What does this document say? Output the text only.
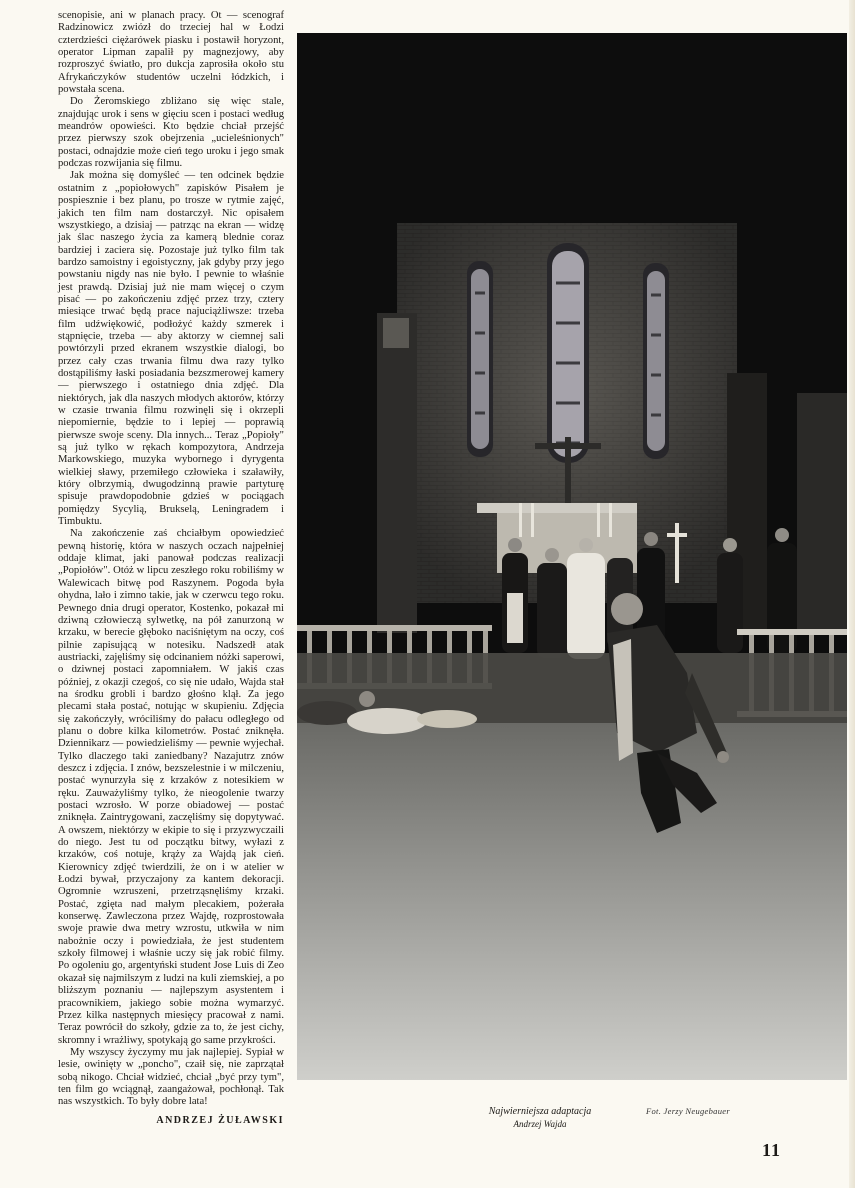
scenopisie, ani w planach pracy. Ot — scenograf Radzinowicz zwiózł do trzeciej hal w Łodzi czterdzieści ciężarówek piasku i postawił horyzont, operator Lipman zapalił py magnezjowy, aby rozproszyć światło, pro dukcja zaprosiła około stu Afrykańczyków studentów uczelni łódzkich, i powstała scena.

Do Żeromskiego zbliżano się więc stale, znajdując urok i sens w gięciu scen i postaci według meandrów opowieści. Kto będzie chciał przejść przez pierwszy szok obejrzenia „ucieleśnionych" postaci, odnajdzie może cień tego uroku i jego smak podczas rozwijania się filmu.

Jak można się domyśleć — ten odcinek będzie ostatnim z „popiołowych" zapisków Pisałem je pospiesznie i bez planu, po trosze w rytmie zajęć, jakich ten film nam dostarczył. Nic opisałem wszystkiego, a dzisiaj — patrząc na ekran — widzę jak ślac naszego życia za kamerą blednie coraz bardziej i zaciera się. Pozostaje już tylko film tak bardzo samoistny i egoistyczny, jak gdyby przy jego powstaniu nigdy nas nie było. I pewnie to właśnie jest prawdą. Dzisiaj już nie mam więcej o czym pisać — po zakończeniu zdjęć przez trzy, cztery miesiące trwać będą prace najuciążliwsze: trzeba film udźwiękowić, podłożyć każdy szmerek i stąpnięcie, trzeba — aby aktorzy w ciemnej sali powtórzyli przed ekranem wszystkie dialogi, bo przez cały czas trwania filmu dwa razy tylko dostąpiliśmy łaski posiadania bezszmerowej kamery — pierwszego i ostatniego dnia zdjęć. Dla niektórych, jak dla naszych młodych aktorów, którzy w czasie trwania filmu rozwinęli się i okrzepli niepomiernie, będzie to i lepiej — poprawią pierwsze swoje sceny. Dla innych... Teraz „Popioły" są już tylko w rękach kompozytora, Andrzeja Markowskiego, muzyka wybornego i dyrygenta wielkiej sławy, przemiłego człowieka i szaławiły, który olbrzymią, dwugodzinną prawie partyturę spisuje prawdopodobnie gdzieś w pociągach pomiędzy Sycylią, Brukselą, Leningradem i Timbuktu.

Na zakończenie zaś chciałbym opowiedzieć pewną historię, która w naszych oczach najpełniej oddaje klimat, jaki panował podczas realizacji „Popiołów". Otóż w lipcu zeszłego roku robiliśmy w Walewicach bitwę pod Raszynem. Pogoda była ohydna, lało i zimno takie, jak w czerwcu tego roku. Pewnego dnia drugi operator, Kostenko, pokazał mi dziwną człowieczą sylwetkę, na pół zanurzoną w krzaku, w berecie głęboko naciśniętym na oczy, coś pilnie zapisującą w notesiku. Nadszedł atak austriacki, zajęliśmy się odcinaniem nóżki saperowi, o dziwnej postaci zapomniałem. W jakiś czas później, z okazji czegoś, co się nie udało, Wajda stał na środku grobli i bardzo głośno klął. Za jego plecami stała postać, notując w skupieniu. Zdjęcia się zakończyły, wróciliśmy do pałacu odległego od planu o dobre kilka kilometrów. Postać zniknęła. Dziennikarz — powiedzieliśmy — pewnie wyjechał. Tylko dlaczego taki zaniedbany? Nazajutrz znów deszcz i zdjęcia. I znów, bezszelestnie i w milczeniu, postać wynurzyła się z krzaków z notesikiem w ręku. Zauważyliśmy tylko, że nieogolenie twarzy postaci wzrosło. W porze obiadowej — postać zniknęła. Zaintrygowani, zaczęliśmy się dopytywać. A owszem, niektórzy w ekipie to się i przyzwyczaili do niego. Jest tu od początku bitwy, wyłazi z krzaków, coś notuje, krąży za Wajdą jak cień. Kierownicy zdjęć twierdzili, że on i w atelier w Łodzi bywał, przyczajony za kantem dekoracji. Ogromnie wzruszeni, przetrząsnęliśmy krzaki. Postać, zgięta nad małym plecakiem, pożerała konserwę. Zawleczona przez Wajdę, rozprostowała swoje prawie dwa metry wzrostu, utkwiła w nim nabożnie oczy i powiedziała, że jest studentem szkoły filmowej i właśnie uczy się jak robić filmy. Po ogoleniu go, argentyński student Jose Luis di Zeo okazał się najmilszym z ludzi na kuli ziemskiej, a po bliższym poznaniu — najlepszym asystentem i pracownikiem, jakiego sobie można wymarzyć. Przez kilka następnych miesięcy pracował z nami. Teraz powrócił do szkoły, gdzie za to, że jest cichy, skromny i wrażliwy, spotykają go same przykrości.

My wszyscy życzymy mu jak najlepiej. Sypiał w lesie, owinięty w „poncho", czaił się, nie zaprzątał sobą nikogo. Chciał widzieć, chciał „być przy tym", ten film go wciągnął, zaangażował, pochłonął. Tak nas wszystkich. To były dobre lata!

ANDRZEJ ŻUŁAWSKI
Najwierniejsza adaptacja
Andrzej Wajda
Fot. Jerzy Neugebauer
11
